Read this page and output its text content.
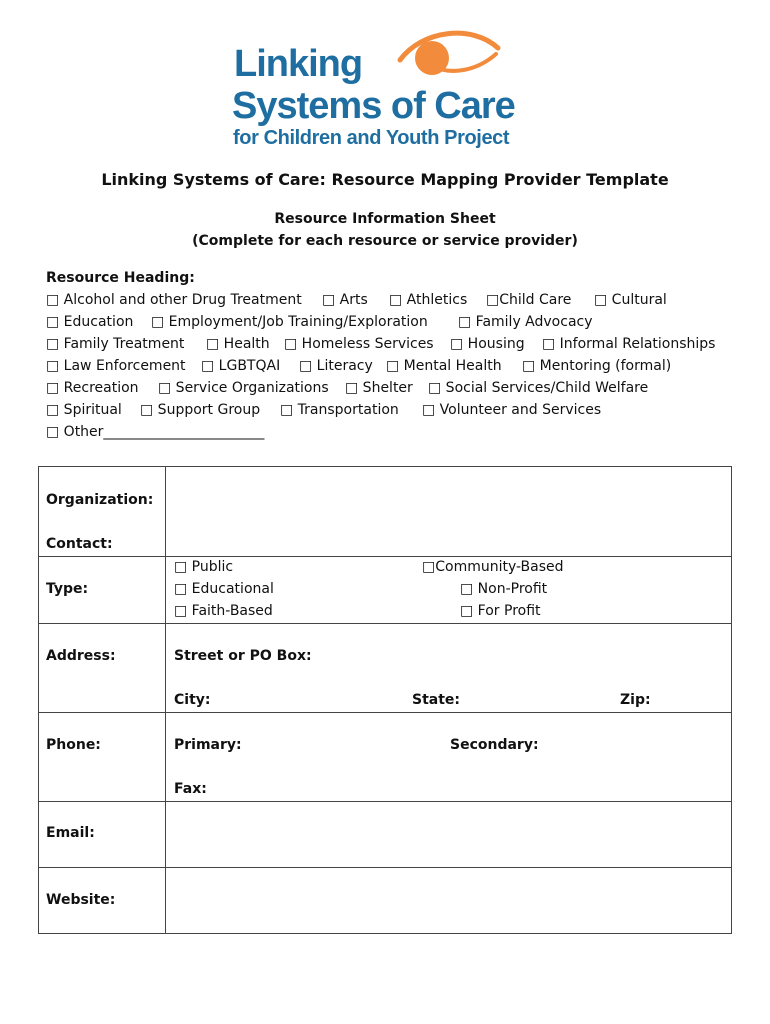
Linking
Systems of Care
for Children and Youth Project
Linking Systems of Care: Resource Mapping Provider Template
Resource Information Sheet
(Complete for each resource or service provider)
Resource Heading:
□ Alcohol and other Drug Treatment □ Arts □ Athletics □Child Care □ Cultural
□ Education □ Employment/Job Training/Exploration □ Family Advocacy
□ Family Treatment □ Health □ Homeless Services □ Housing □ Informal Relationships
□ Law Enforcement □ LGBTQAI □ Literacy □ Mental Health □ Mentoring (formal)
□ Recreation □ Service Organizations □ Shelter □ Social Services/Child Welfare
□ Spiritual □ Support Group □ Transportation □ Volunteer and Services
□ Other_______________________
Organization:
Contact:
Type:
□ Public
□ Educational
□ Faith-Based
□Community-Based
□ Non-Profit
□ For Profit
Address:	Street or PO Box:
City:	State:	Zip:
Phone:	Primary:	Secondary:
Fax:
Email:
Website:
